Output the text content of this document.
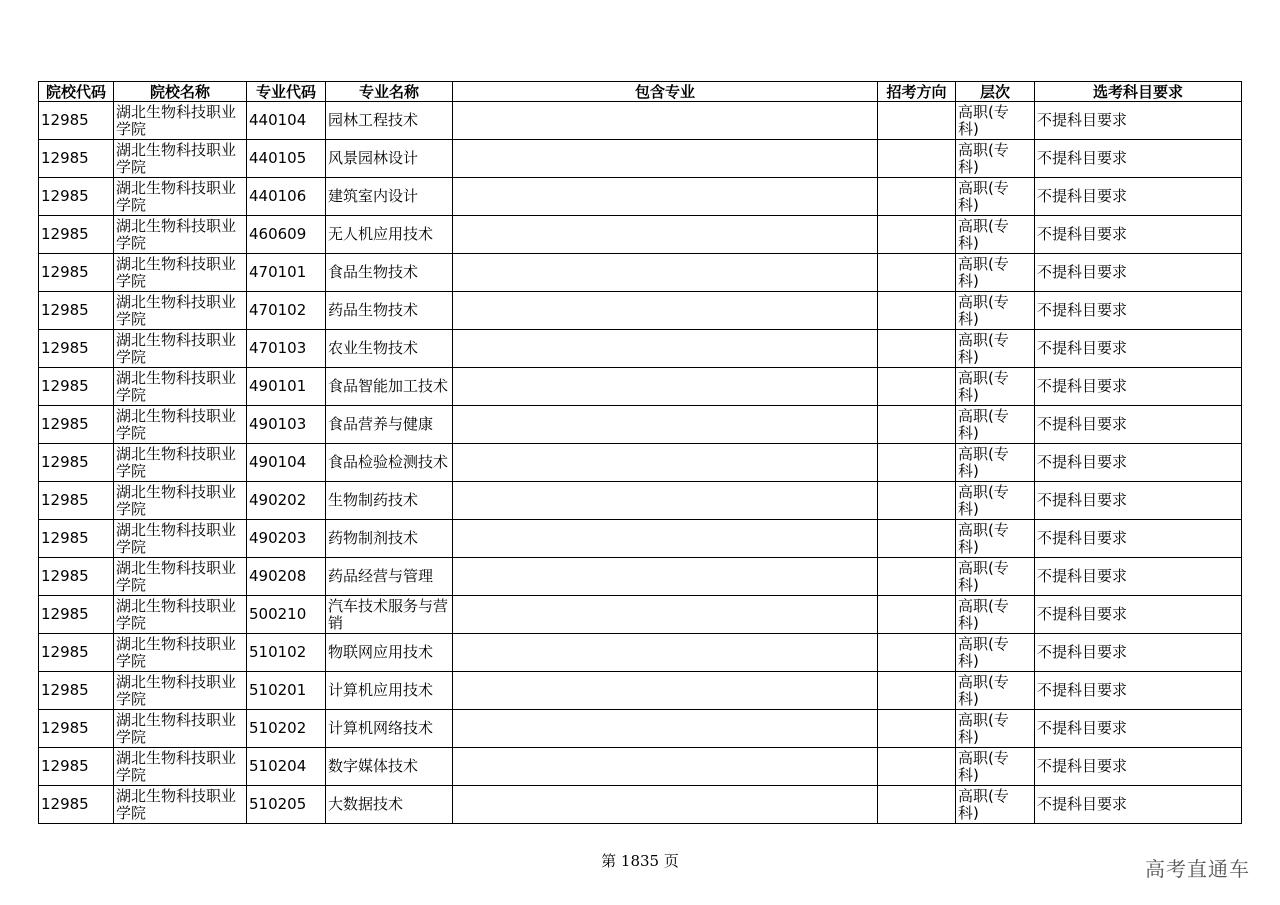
院校代码	院校名称	专业代码	专业名称	包含专业	招考方向	层次	选考科目要求
12985	湖北生物科技职业学院	440104	园林工程技术			高职(专科)	不提科目要求
12985	湖北生物科技职业学院	440105	风景园林设计			高职(专科)	不提科目要求
12985	湖北生物科技职业学院	440106	建筑室内设计			高职(专科)	不提科目要求
12985	湖北生物科技职业学院	460609	无人机应用技术			高职(专科)	不提科目要求
12985	湖北生物科技职业学院	470101	食品生物技术			高职(专科)	不提科目要求
12985	湖北生物科技职业学院	470102	药品生物技术			高职(专科)	不提科目要求
12985	湖北生物科技职业学院	470103	农业生物技术			高职(专科)	不提科目要求
12985	湖北生物科技职业学院	490101	食品智能加工技术			高职(专科)	不提科目要求
12985	湖北生物科技职业学院	490103	食品营养与健康			高职(专科)	不提科目要求
12985	湖北生物科技职业学院	490104	食品检验检测技术			高职(专科)	不提科目要求
12985	湖北生物科技职业学院	490202	生物制药技术			高职(专科)	不提科目要求
12985	湖北生物科技职业学院	490203	药物制剂技术			高职(专科)	不提科目要求
12985	湖北生物科技职业学院	490208	药品经营与管理			高职(专科)	不提科目要求
12985	湖北生物科技职业学院	500210	汽车技术服务与营销			高职(专科)	不提科目要求
12985	湖北生物科技职业学院	510102	物联网应用技术			高职(专科)	不提科目要求
12985	湖北生物科技职业学院	510201	计算机应用技术			高职(专科)	不提科目要求
12985	湖北生物科技职业学院	510202	计算机网络技术			高职(专科)	不提科目要求
12985	湖北生物科技职业学院	510204	数字媒体技术			高职(专科)	不提科目要求
12985	湖北生物科技职业学院	510205	大数据技术			高职(专科)	不提科目要求
第 1835 页	高考直通车
